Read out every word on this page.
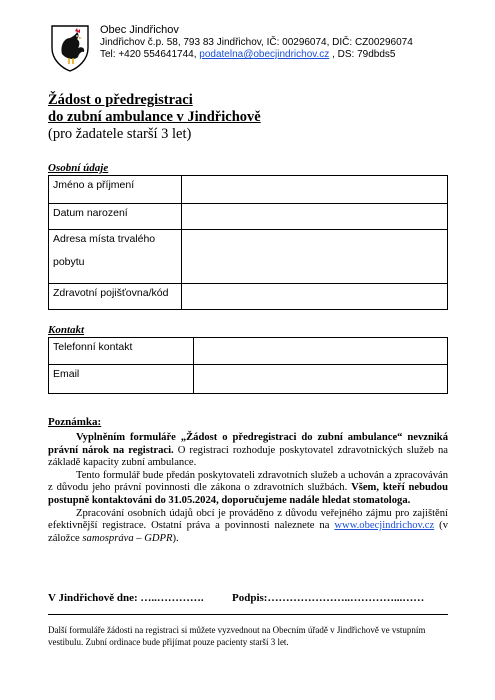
Obec Jindřichov
Jindřichov č.p. 58, 793 83 Jindřichov, IČ: 00296074, DIČ: CZ00296074
Tel: +420 554641744, podatelna@obecjindrichov.cz , DS: 79dbds5
Žádost o předregistraci
do zubní ambulance v Jindřichově
(pro žadatele starší 3 let)
Osobní údaje
Jméno a příjmení	
Datum narození	

Adresa místa trvalého
pobytu	

Zdravotní pojišťovna/kód	
Kontakt
Telefonní kontakt	
Email	
Poznámka:

Vyplněním formuláře „Žádost o předregistraci do zubní ambulance“ nevzniká právní nárok na registraci. O registraci rozhoduje poskytovatel zdravotnických služeb na základě kapacity zubní ambulance.

Tento formulář bude předán poskytovateli zdravotních služeb a uchován a zpracováván z důvodu jeho právní povinnosti dle zákona o zdravotních službách. Všem, kteří nebudou postupně kontaktováni do 31.05.2024, doporučujeme nadále hledat stomatologa.

Zpracování osobních údajů obcí je prováděno z důvodu veřejného zájmu pro zajištění efektivnější registrace. Ostatní práva a povinnosti naleznete na www.obecjindrichov.cz (v záložce samospráva – GDPR).

V Jindřichově dne: …..………….	Podpis:…………………..…………...……
Další formuláře žádosti na registraci si můžete vyzvednout na Obecním úřadě v Jindřichově ve vstupním vestibulu. Zubní ordinace bude přijímat pouze pacienty starší 3 let.
